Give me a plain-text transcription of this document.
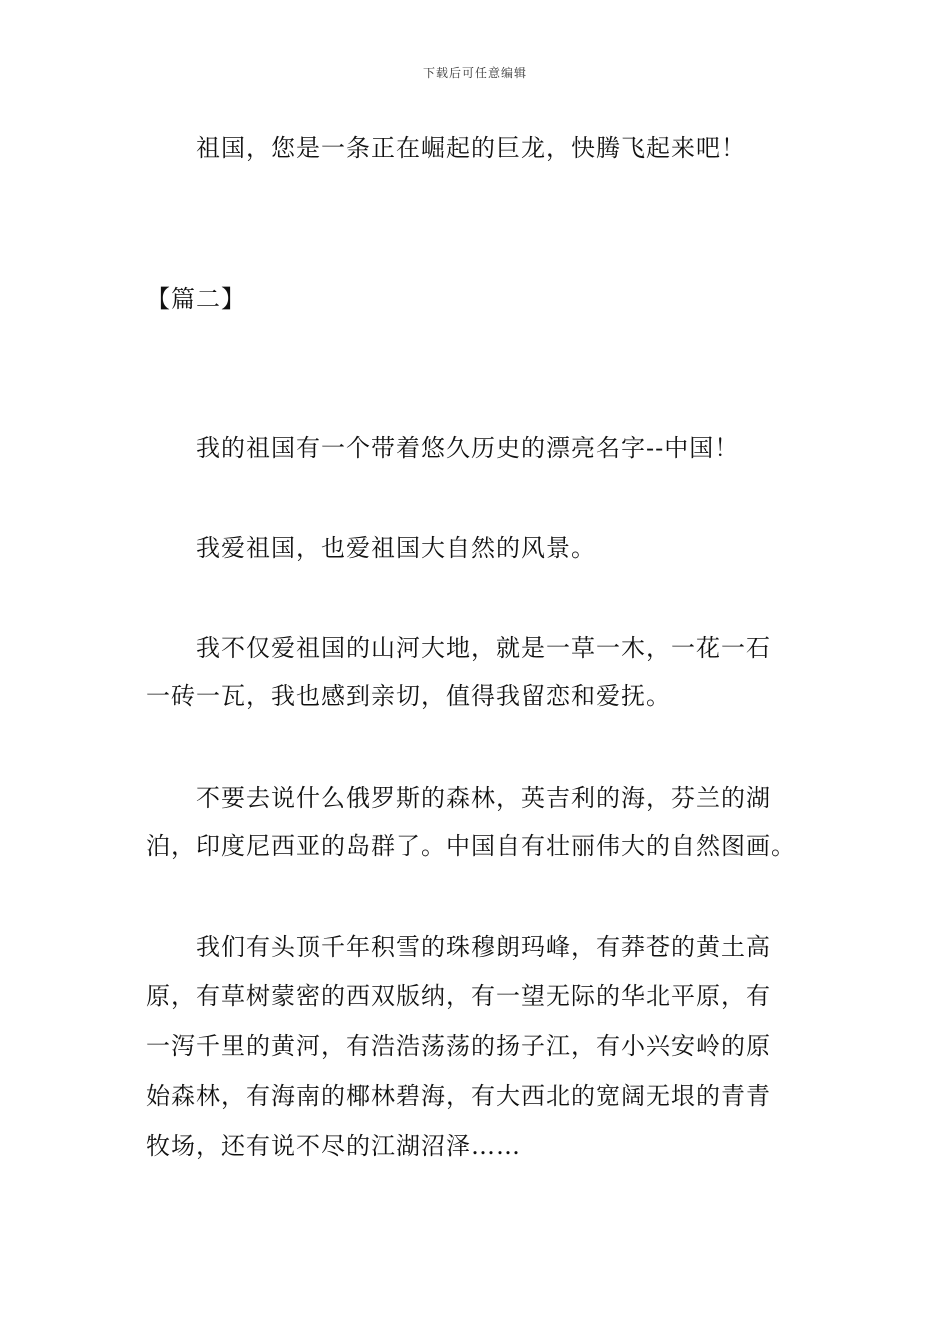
下载后可任意编辑
祖国，您是一条正在崛起的巨龙，快腾飞起来吧！
【篇二】
我的祖国有一个带着悠久历史的漂亮名字--中国！
我爱祖国，也爱祖国大自然的风景。
我不仅爱祖国的山河大地，就是一草一木，一花一石
一砖一瓦，我也感到亲切，值得我留恋和爱抚。
不要去说什么俄罗斯的森林，英吉利的海，芬兰的湖
泊，印度尼西亚的岛群了。中国自有壮丽伟大的自然图画。
我们有头顶千年积雪的珠穆朗玛峰，有莽苍的黄土高
原，有草树蒙密的西双版纳，有一望无际的华北平原，有
一泻千里的黄河，有浩浩荡荡的扬子江，有小兴安岭的原
始森林，有海南的椰林碧海，有大西北的宽阔无垠的青青
牧场，还有说不尽的江湖沼泽……
